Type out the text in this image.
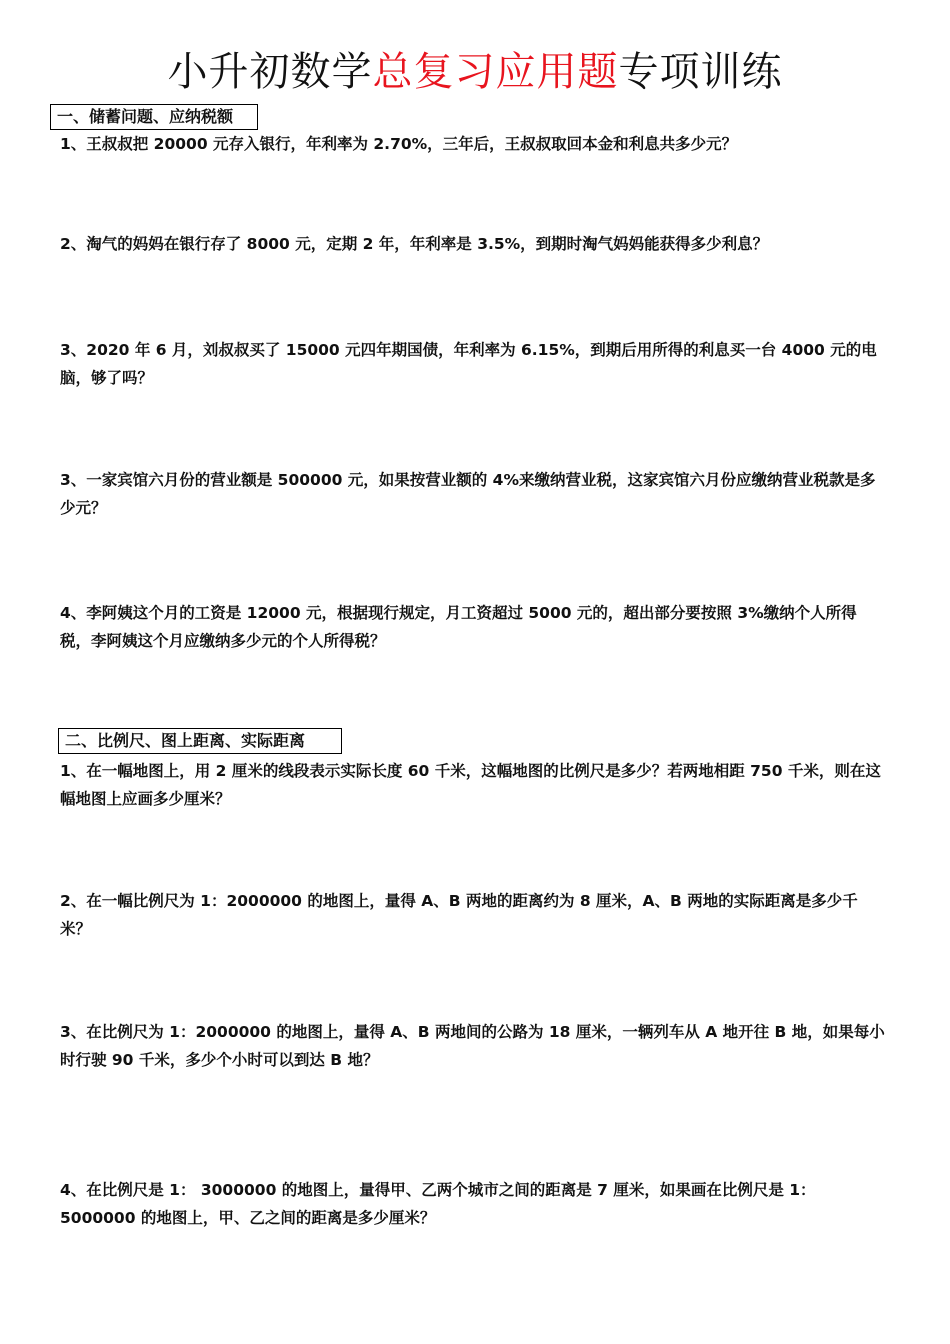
小升初数学总复习应用题专项训练
一、储蓄问题、应纳税额
1、王叔叔把 20000 元存入银行，年利率为 2.70%，三年后，王叔叔取回本金和利息共多少元？
2、淘气的妈妈在银行存了 8000 元，定期 2 年，年利率是 3.5%，到期时淘气妈妈能获得多少利息？
3、2020 年 6 月，刘叔叔买了 15000 元四年期国债，年利率为 6.15%，到期后用所得的利息买一台 4000 元的电脑，够了吗？
3、一家宾馆六月份的营业额是 500000 元，如果按营业额的 4%来缴纳营业税，这家宾馆六月份应缴纳营业税款是多少元？
4、李阿姨这个月的工资是 12000 元，根据现行规定，月工资超过 5000 元的，超出部分要按照 3%缴纳个人所得税，李阿姨这个月应缴纳多少元的个人所得税？
二、比例尺、图上距离、实际距离
1、在一幅地图上，用 2 厘米的线段表示实际长度 60 千米，这幅地图的比例尺是多少？若两地相距 750 千米，则在这幅地图上应画多少厘米？
2、在一幅比例尺为 1：2000000 的地图上，量得 A、B 两地的距离约为 8 厘米，A、B 两地的实际距离是多少千米？
3、在比例尺为 1：2000000 的地图上，量得 A、B 两地间的公路为 18 厘米，一辆列车从 A 地开往 B 地，如果每小时行驶 90 千米，多少个小时可以到达 B 地？
4、在比例尺是 1： 3000000 的地图上，量得甲、乙两个城市之间的距离是 7 厘米，如果画在比例尺是 1：5000000 的地图上，甲、乙之间的距离是多少厘米？
